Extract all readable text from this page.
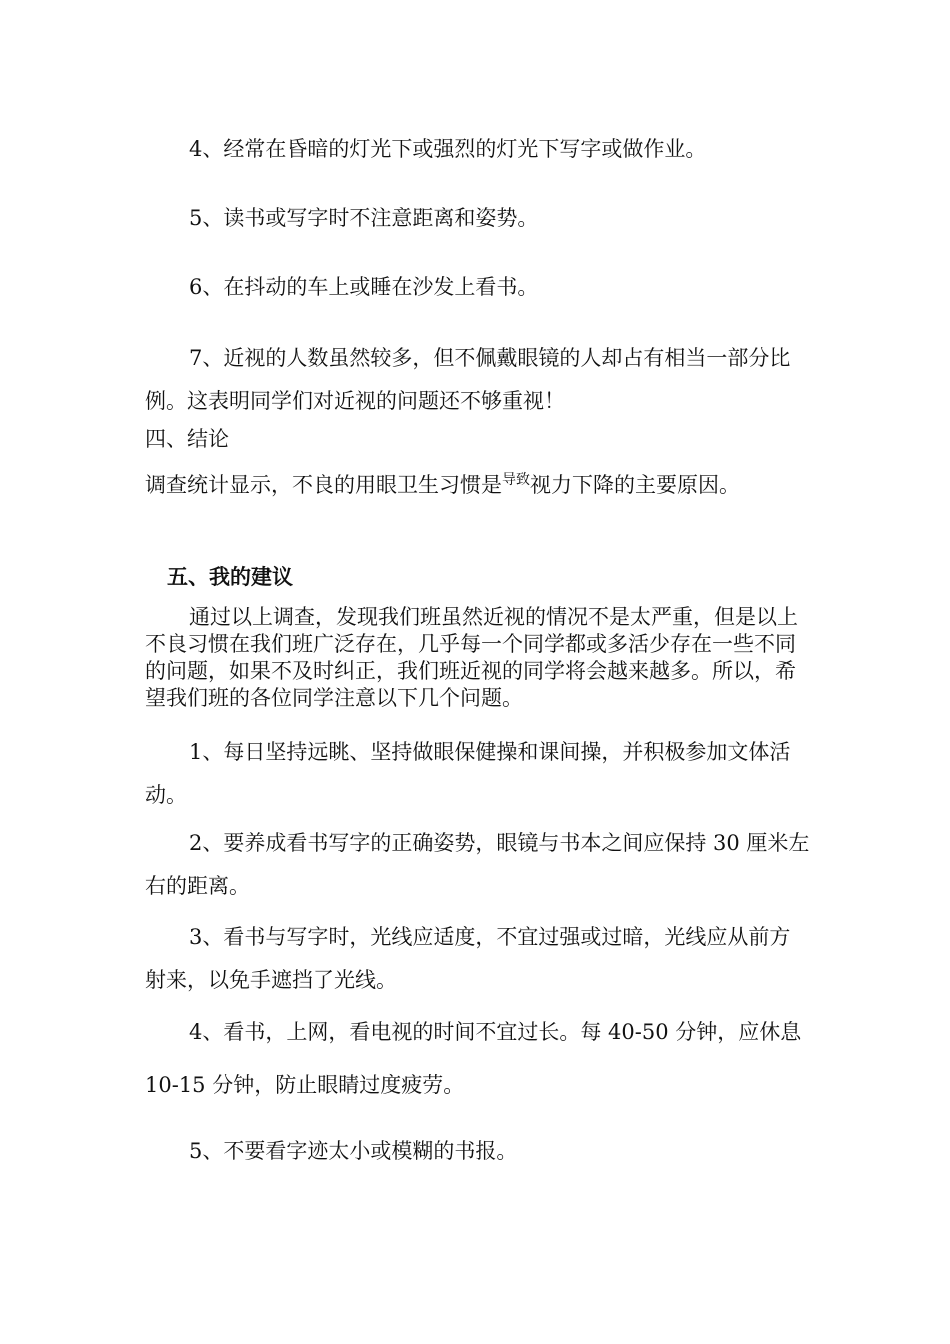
4、经常在昏暗的灯光下或强烈的灯光下写字或做作业。

5、读书或写字时不注意距离和姿势。

6、在抖动的车上或睡在沙发上看书。

7、近视的人数虽然较多，但不佩戴眼镜的人却占有相当一部分比例。这表明同学们对近视的问题还不够重视！

四、结论

调查统计显示，不良的用眼卫生习惯是$^{导致}$视力下降的主要原因。

五、我的建议

通过以上调查，发现我们班虽然近视的情况不是太严重，但是以上不良习惯在我们班广泛存在，几乎每一个同学都或多活少存在一些不同的问题，如果不及时纠正，我们班近视的同学将会越来越多。所以，希望我们班的各位同学注意以下几个问题。

1、每日坚持远眺、坚持做眼保健操和课间操，并积极参加文体活动。

2、要养成看书写字的正确姿势，眼镜与书本之间应保持 30 厘米左右的距离。

3、看书与写字时，光线应适度，不宜过强或过暗，光线应从前方射来，以免手遮挡了光线。

4、看书，上网，看电视的时间不宜过长。每 40-50 分钟，应休息 10-15 分钟，防止眼睛过度疲劳。

5、不要看字迹太小或模糊的书报。
